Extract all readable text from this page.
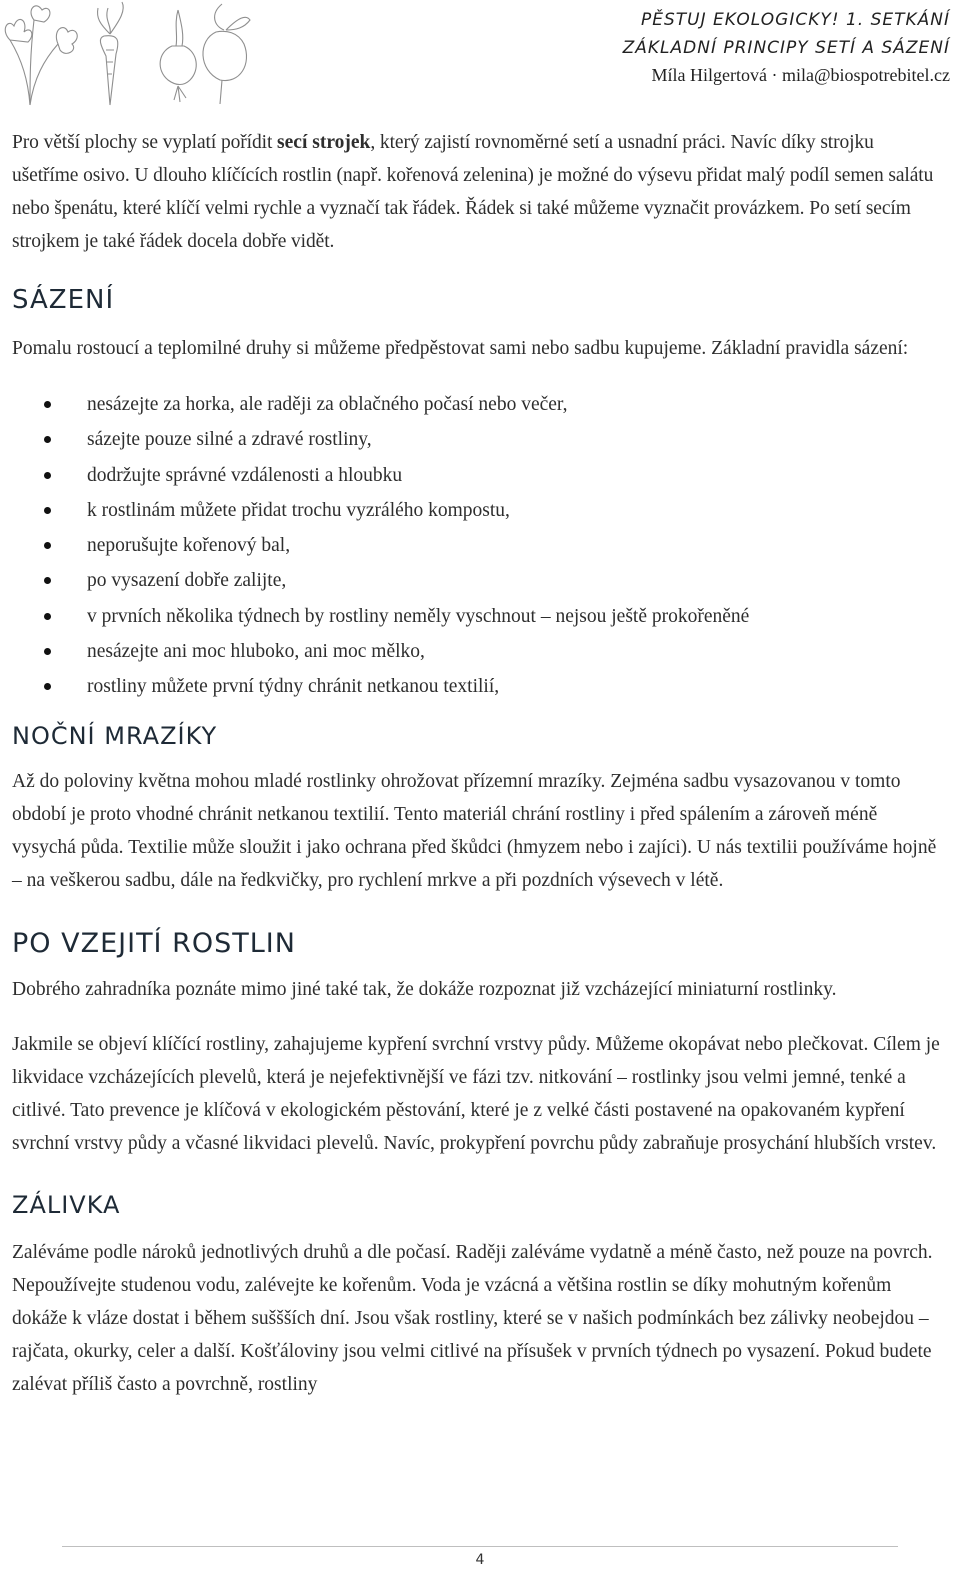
PĚSTUJ EKOLOGICKY! 1. SETKÁNÍ
ZÁKLADNÍ PRINCIPY SETÍ A SÁZENÍ
Míla Hilgertová · mila@biospotrebitel.cz

Pro větší plochy se vyplatí pořídit secí strojek, který zajistí rovnoměrné setí a usnadní práci. Navíc díky strojku ušetříme osivo. U dlouho klíčících rostlin (např. kořenová zelenina) je možné do výsevu přidat malý podíl semen salátu nebo špenátu, které klíčí velmi rychle a vyznačí tak řádek. Řádek si také můžeme vyznačit provázkem. Po setí secím strojkem je také řádek docela dobře vidět.

SÁZENÍ

Pomalu rostoucí a teplomilné druhy si můžeme předpěstovat sami nebo sadbu kupujeme. Základní pravidla sázení:

nesázejte za horka, ale raději za oblačného počasí nebo večer,
sázejte pouze silné a zdravé rostliny,
dodržujte správné vzdálenosti a hloubku
k rostlinám můžete přidat trochu vyzrálého kompostu,
neporušujte kořenový bal,
po vysazení dobře zalijte,
v prvních několika týdnech by rostliny neměly vyschnout – nejsou ještě prokořeněné
nesázejte ani moc hluboko, ani moc mělko,
rostliny můžete první týdny chránit netkanou textilií,
NOČNÍ MRAZÍKY

Až do poloviny května mohou mladé rostlinky ohrožovat přízemní mrazíky. Zejména sadbu vysazovanou v tomto období je proto vhodné chránit netkanou textilií. Tento materiál chrání rostliny i před spálením a zároveň méně vysychá půda. Textilie může sloužit i jako ochrana před škůdci (hmyzem nebo i zajíci). U nás textilii používáme hojně – na veškerou sadbu, dále na ředkvičky, pro rychlení mrkve a při pozdních výsevech v létě.

PO VZEJITÍ ROSTLIN

Dobrého zahradníka poznáte mimo jiné také tak, že dokáže rozpoznat již vzcházející miniaturní rostlinky.

Jakmile se objeví klíčící rostliny, zahajujeme kypření svrchní vrstvy půdy. Můžeme okopávat nebo plečkovat. Cílem je likvidace vzcházejících plevelů, která je nejefektivnější ve fázi tzv. nitkování – rostlinky jsou velmi jemné, tenké a citlivé. Tato prevence je klíčová v ekologickém pěstování, které je z velké části postavené na opakovaném kypření svrchní vrstvy půdy a včasné likvidaci plevelů. Navíc, prokypření povrchu půdy zabraňuje prosychání hlubších vrstev.

ZÁLIVKA

Zaléváme podle nároků jednotlivých druhů a dle počasí. Raději zaléváme vydatně a méně často, než pouze na povrch. Nepoužívejte studenou vodu, zalévejte ke kořenům. Voda je vzácná a většina rostlin se díky mohutným kořenům dokáže k vláze dostat i během suššších dní. Jsou však rostliny, které se v našich podmínkách bez zálivky neobejdou – rajčata, okurky, celer a další. Košťáloviny jsou velmi citlivé na přísušek v prvních týdnech po vysazení. Pokud budete zalévat příliš často a povrchně, rostliny

4
